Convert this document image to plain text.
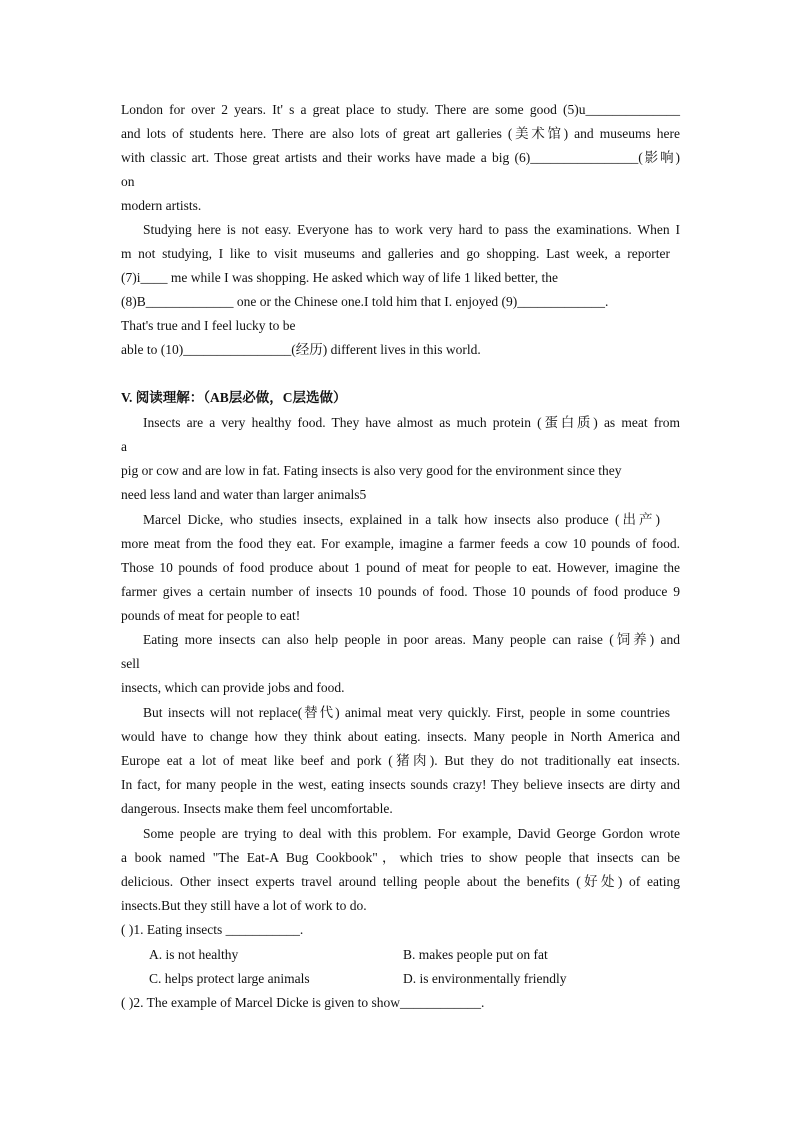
London for over 2 years. It' s a great place to study. There are some good (5)u______________
and lots of students here. There are also lots of great art galleries (美术馆) and museums here
with classic art. Those great artists and their works have made a big (6)________________(影响)
on
modern artists.
Studying here is not easy. Everyone has to work very hard to pass the examinations. When I
m not studying, I like to visit museums and galleries and go shopping. Last week, a reporter
(7)i____ me while I was shopping. He asked which way of life 1 liked better, the
(8)B_____________ one or the Chinese one.I told him that I. enjoyed (9)_____________.
That's true and I feel lucky to be
able to (10)________________(经历) different lives in this world.
V. 阅读理解：（AB层必做，C层选做）
Insects are a very healthy food. They have almost as much protein (蛋白质) as meat from
a
pig or cow and are low in fat. Fating insects is also very good for the environment since they
need less land and water than larger animals5
Marcel Dicke, who studies insects, explained in a talk how insects also produce (出产)
more meat from the food they eat. For example, imagine a farmer feeds a cow 10 pounds of food.
Those 10 pounds of food produce about 1 pound of meat for people to eat. However, imagine the
farmer gives a certain number of insects 10 pounds of food. Those 10 pounds of food produce 9
pounds of meat for people to eat!
Eating more insects can also help people in poor areas. Many people can raise (饲养) and
sell
insects, which can provide jobs and food.
But insects will not replace(替代) animal meat very quickly. First, people in some countries
would have to change how they think about eating. insects. Many people in North America and
Europe eat a lot of meat like beef and pork (猪肉). But they do not traditionally eat insects.
In fact, for many people in the west, eating insects sounds crazy! They believe insects are dirty and
dangerous. Insects make them feel uncomfortable.
Some people are trying to deal with this problem. For example, David George Gordon wrote
a book named "The Eat-A Bug Cookbook"，which tries to show people that insects can be
delicious. Other insect experts travel around telling people about the benefits (好处) of eating
insects.But they still have a lot of work to do.
( )1. Eating insects ___________.
A. is not healthy	B. makes people put on fat
C. helps protect large animals	D. is environmentally friendly
( )2. The example of Marcel Dicke is given to show____________.
